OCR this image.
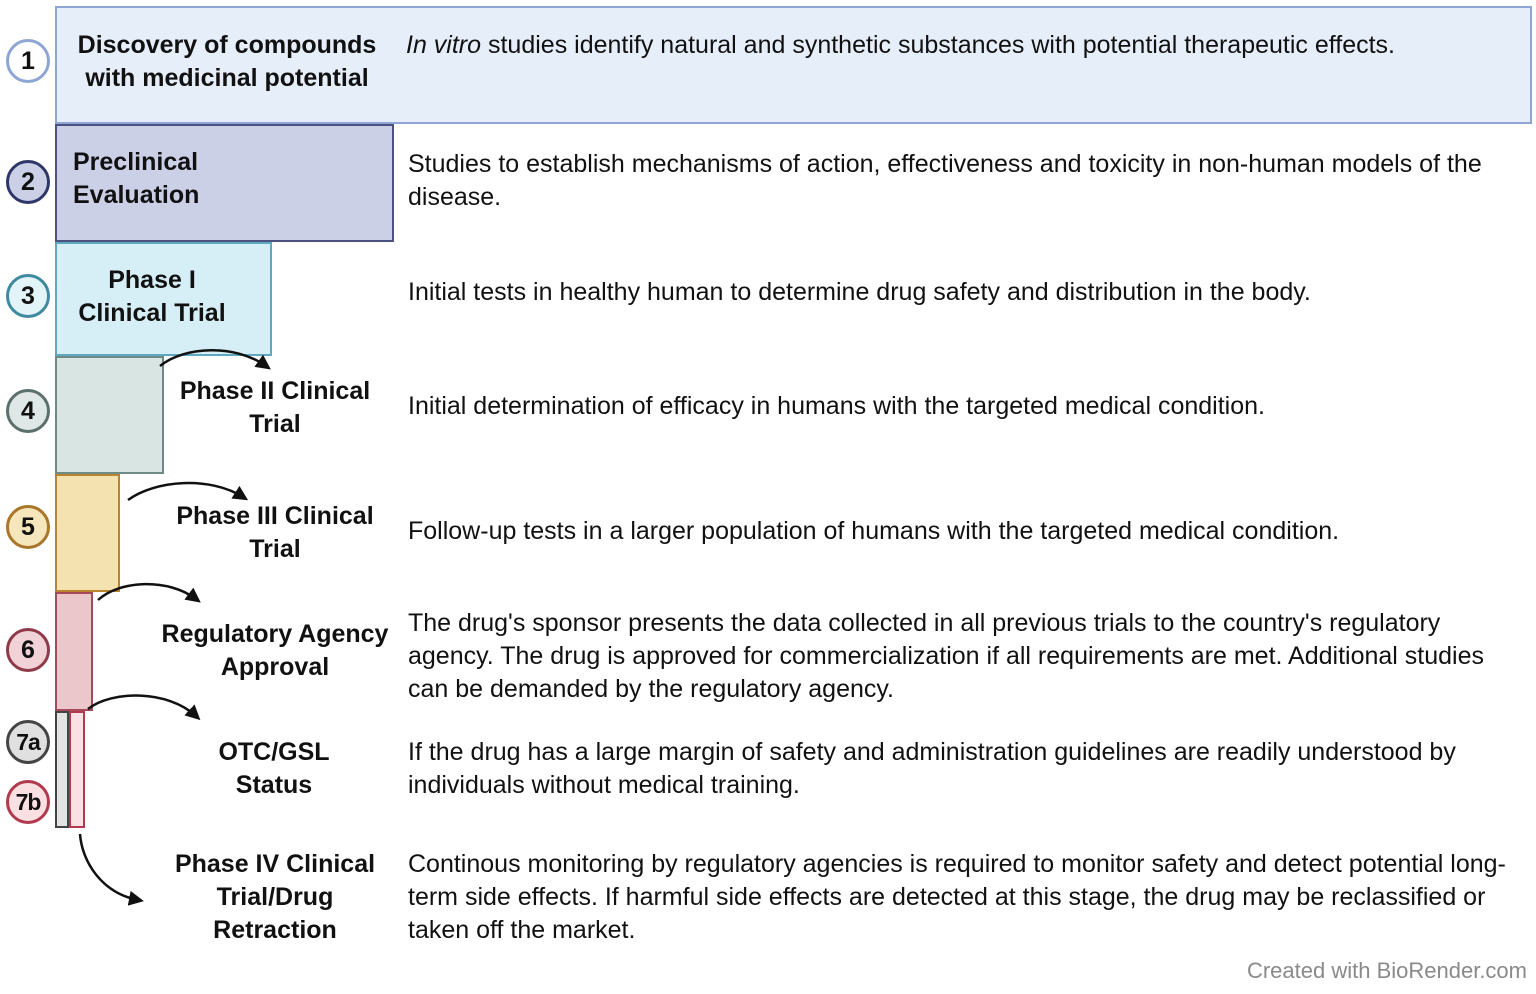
1
2
3
4
5
6
7a
7b
Discovery of compounds
with medicinal potential
Preclinical
Evaluation
Phase I
Clinical Trial
Phase II Clinical
Trial
Phase III Clinical
Trial
Regulatory Agency
Approval
OTC/GSL
Status
Phase IV Clinical
Trial/Drug
Retraction
In vitro studies identify natural and synthetic substances with potential therapeutic effects.
Studies to establish mechanisms of action, effectiveness and toxicity in non-human models of the disease.
Initial tests in healthy human to determine drug safety and distribution in the body.
Initial determination of efficacy in humans with the targeted medical condition.
Follow-up tests in a larger population of humans with the targeted medical condition.
The drug's sponsor presents the data collected in all previous trials to the country's regulatory agency. The drug is approved for commercialization if all requirements are met. Additional studies can be demanded by the regulatory agency.
If the drug has a large margin of safety and administration guidelines are readily understood by individuals without medical training.
Continous monitoring by regulatory agencies is required to monitor safety and detect potential long-term side effects. If harmful side effects are detected at this stage, the drug may be reclassified or taken off the market.
Created with BioRender.com
